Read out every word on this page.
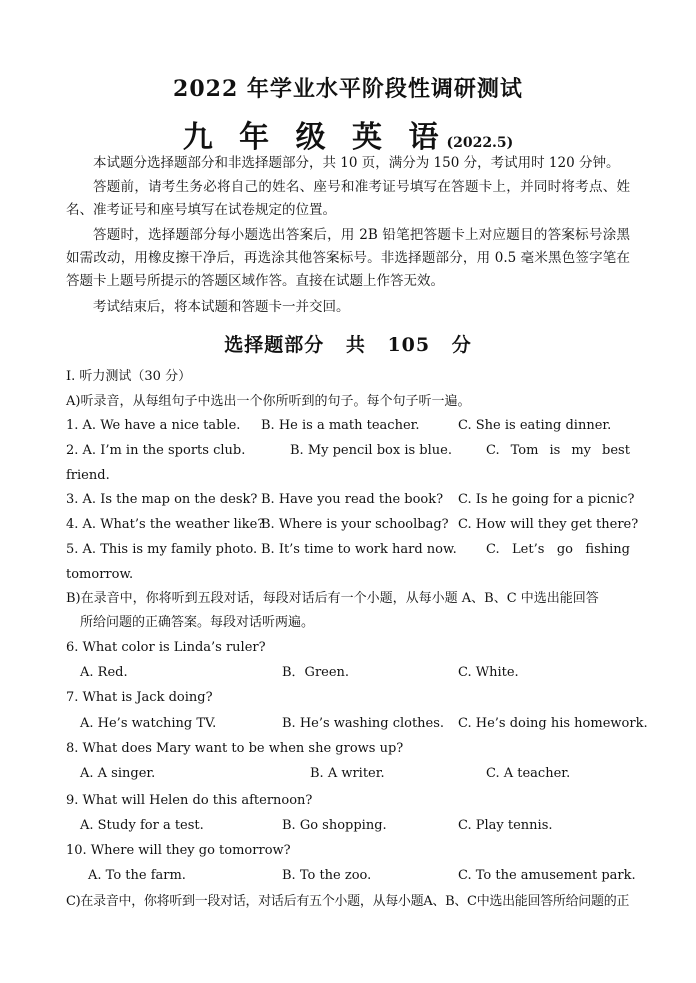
2022 年学业水平阶段性调研测试
九 年 级 英 语(2022.5)
本试题分选择题部分和非选择题部分，共 10 页，满分为 150 分，考试用时 120 分钟。
答题前，请考生务必将自己的姓名、座号和准考证号填写在答题卡上，并同时将考点、姓名、准考证号和座号填写在试卷规定的位置。
答题时，选择题部分每小题选出答案后，用 2B 铅笔把答题卡上对应题目的答案标号涂黑如需改动，用橡皮擦干净后，再选涂其他答案标号。非选择题部分，用 0.5 毫米黑色签字笔在答题卡上题号所提示的答题区域作答。直接在试题上作答无效。
考试结束后，将本试题和答题卡一并交回。
选择题部分 共 105 分
I. 听力测试（30 分）
A)听录音，从每组句子中选出一个你所听到的句子。每个句子听一遍。
1. A. We have a nice table. B. He is a math teacher.	C. She is eating dinner.
2. A. I’m in the sports club.	B. My pencil box is blue.	C. Tom is my best
friend.
3. A. Is the map on the desk? B. Have you read the book? C. Is he going for a picnic?
4. A. What’s the weather like?
B. Where is your schoolbag? C. How will they get there?
5. A. This is my family photo. B. It’s time to work hard now. C. Let’s go fishing
tomorrow.
B)在录音中，你将听到五段对话，每段对话后有一个小题，从每小题 A、B、C 中选出能回答
所给问题的正确答案。每段对话听两遍。
6. What color is Linda’s ruler?
A. Red.	B．Green.	C. White.
7. What is Jack doing?
A. He’s watching TV.	B. He’s washing clothes. C. He’s doing his homework.
8. What does Mary want to be when she grows up?
A. A singer.	B. A writer.	C. A teacher.
9. What will Helen do this afternoon?
A. Study for a test.	B. Go shopping.	C. Play tennis.
10. Where will they go tomorrow?
A. To the farm.	B. To the zoo.	C. To the amusement park.
C)在录音中，你将听到一段对话，对话后有五个小题，从每小题A、B、C中选出能回答所给问题的正
